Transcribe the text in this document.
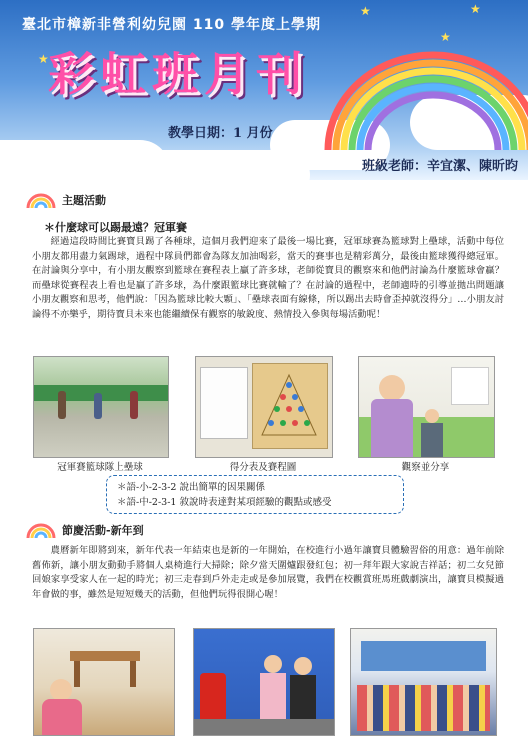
★
★	★
★
臺北市樟新非營利幼兒園 110 學年度上學期
彩虹班月刊
教學日期：1 月份
班級老師：辛宜潔、陳昕昀
主題活動
＊什麼球可以踢最遠？冠軍賽
經過這段時間比賽寶貝踢了各種球，這個月我們迎來了最後一場比賽，冠軍球賽為籃球對上壘球，活動中每位小朋友都用盡力氣踢球，過程中隊員們都會為隊友加油喝彩，當天的賽事也是精彩萬分，最後由籃球獲得總冠軍。在討論與分享中，有小朋友觀察到籃球在賽程表上贏了許多球，老師從寶貝的觀察來和他們討論為什麼籃球會贏？而壘球從賽程表上看也是贏了許多球，為什麼跟籃球比賽就輸了？在討論的過程中，老師適時的引導並拋出問題讓小朋友觀察和思考，他們說：「因為籃球比較大顆」、「壘球表面有線條，所以踢出去時會歪掉就沒得分」…小朋友討論得不亦樂乎，期待寶貝未來也能繼續保有觀察的敏銳度、熱情投入參與每場活動呢！
冠軍賽籃球隊上壘球	得分表及賽程圖	觀察並分享
＊語-小-2-3-2 說出簡單的因果關係
＊語-中-2-3-1 敘說時表達對某項經驗的觀點或感受
節慶活動-新年到
農曆新年即將到來，新年代表一年結束也是新的一年開始，在校進行小過年讓寶貝體驗習俗的用意：過年前除舊佈新，讓小朋友動動手將個人桌椅進行大掃除；除夕當天圍爐跟發紅包；初一拜年跟大家說吉祥話；初二女兒節回娘家享受家人在一起的時光；初三走春到戶外走走或是參加展覽，我們在校觀賞班馬班戲劇演出，讓寶貝模擬過年會做的事，雖然是短短幾天的活動，但他們玩得很開心喔！
